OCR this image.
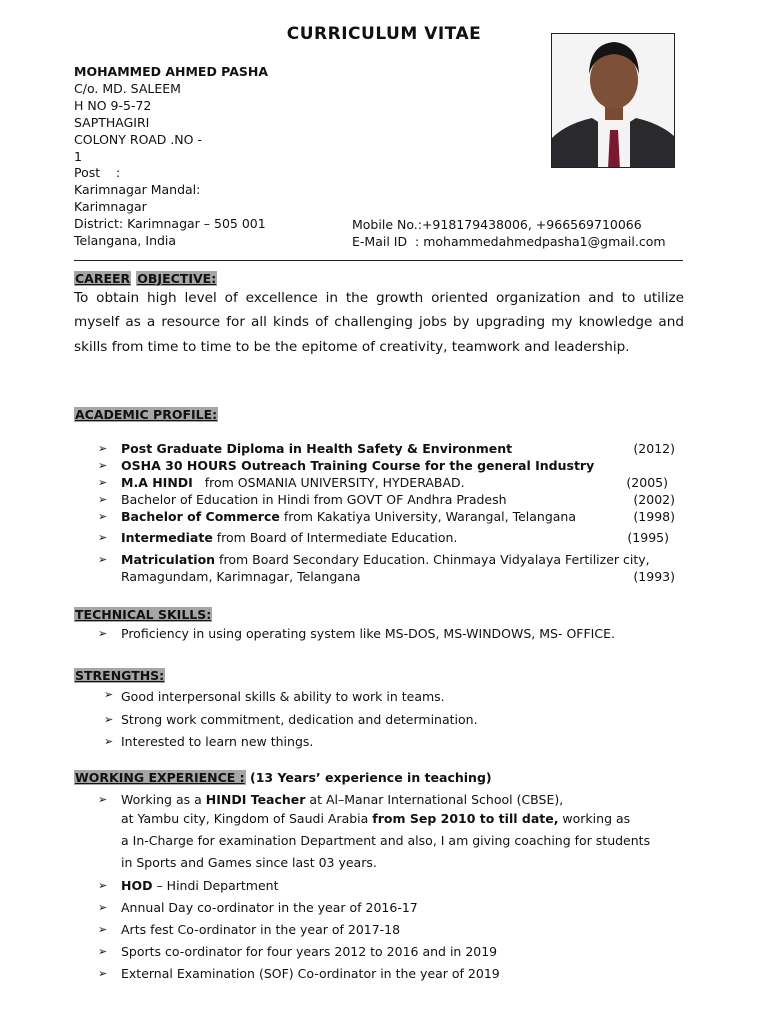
CURRICULUM VITAE
MOHAMMED AHMED PASHA
C/o. MD. SALEEM
H NO 9-5-72
SAPTHAGIRI
COLONY ROAD .NO -
1
Post    :
Karimnagar Mandal:
Karimnagar
District: Karimnagar – 505 001
Telangana, India
Mobile No.:+918179438006, +966569710066
E-Mail ID  : mohammedahmedpasha1@gmail.com
CAREER OBJECTIVE:
To obtain high level of excellence in the growth oriented organization and to utilize myself as a resource for all kinds of challenging jobs by upgrading my knowledge and skills from time to time to be the epitome of creativity, teamwork and leadership.
ACADEMIC PROFILE:
➢ Post Graduate Diploma in Health Safety & Environment	(2012)
➢ OSHA 30 HOURS Outreach Training Course for the general Industry
➢ M.A HINDI   from OSMANIA UNIVERSITY, HYDERABAD.	(2005)
➢ Bachelor of Education in Hindi from GOVT OF Andhra Pradesh	(2002)
➢ Bachelor of Commerce from Kakatiya University, Warangal, Telangana	(1998)
➢ Intermediate from Board of Intermediate Education.	(1995)
➢ Matriculation from Board Secondary Education. Chinmaya Vidyalaya Fertilizer city,
Ramagundam, Karimnagar, Telangana	(1993)
TECHNICAL SKILLS:
➢ Proficiency in using operating system like MS-DOS, MS-WINDOWS, MS- OFFICE.
STRENGTHS:
➢ Good interpersonal skills & ability to work in teams.
➢ Strong work commitment, dedication and determination.
➢ Interested to learn new things.
WORKING EXPERIENCE : (13 Years’ experience in teaching)
➢ Working as a HINDI Teacher at Al–Manar International School (CBSE),
at Yambu city, Kingdom of Saudi Arabia from Sep 2010 to till date, working as
a In-Charge for examination Department and also, I am giving coaching for students
in Sports and Games since last 03 years.
➢ HOD – Hindi Department
➢ Annual Day co-ordinator in the year of 2016-17
➢ Arts fest Co-ordinator in the year of 2017-18
➢ Sports co-ordinator for four years 2012 to 2016 and in 2019
➢ External Examination (SOF) Co-ordinator in the year of 2019
